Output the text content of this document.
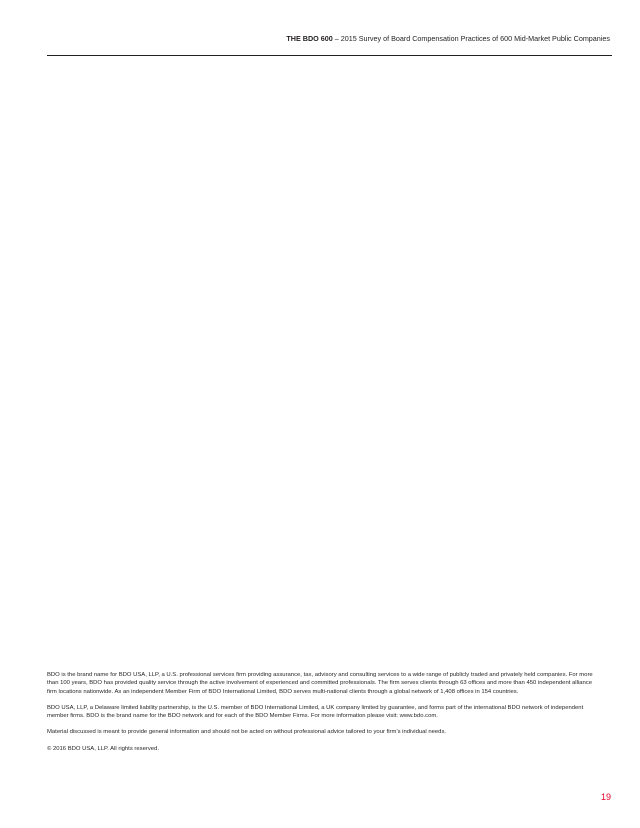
THE BDO 600 – 2015 Survey of Board Compensation Practices of 600 Mid-Market Public Companies

BDO is the brand name for BDO USA, LLP, a U.S. professional services firm providing assurance, tax, advisory and consulting services to a wide range of publicly traded and privately held companies. For more than 100 years, BDO has provided quality service through the active involvement of experienced and committed professionals. The firm serves clients through 63 offices and more than 450 independent alliance firm locations nationwide. As an independent Member Firm of BDO International Limited, BDO serves multi-national clients through a global network of 1,408 offices in 154 countries.

BDO USA, LLP, a Delaware limited liability partnership, is the U.S. member of BDO International Limited, a UK company limited by guarantee, and forms part of the international BDO network of independent member firms. BDO is the brand name for the BDO network and for each of the BDO Member Firms. For more information please visit: www.bdo.com.

Material discussed is meant to provide general information and should not be acted on without professional advice tailored to your firm’s individual needs.

© 2016 BDO USA, LLP. All rights reserved.

19
